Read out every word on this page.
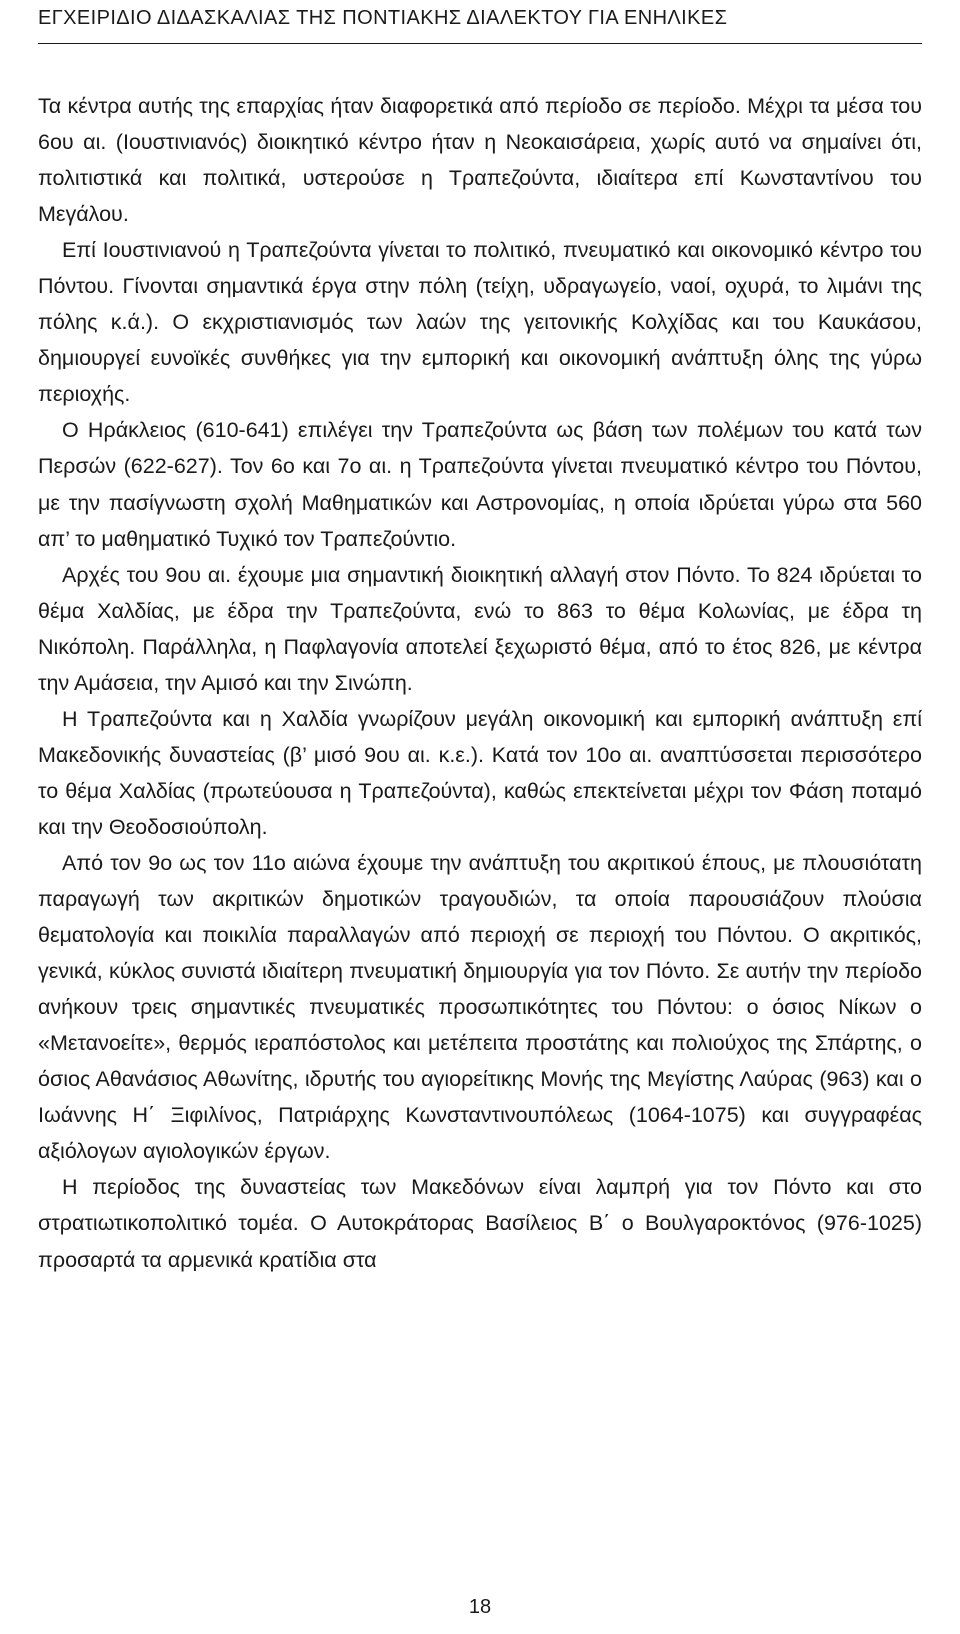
ΕΓΧΕΙΡΙΔΙΟ ΔΙΔΑΣΚΑΛΙΑΣ ΤΗΣ ΠΟΝΤΙΑΚΗΣ ΔΙΑΛΕΚΤΟΥ ΓΙΑ ΕΝΗΛΙΚΕΣ

Τα κέντρα αυτής της επαρχίας ήταν διαφορετικά από περίοδο σε περίοδο. Μέχρι τα μέσα του 6ου αι. (Ιουστινιανός) διοικητικό κέντρο ήταν η Νεοκαισάρεια, χωρίς αυτό να σημαίνει ότι, πολιτιστικά και πολιτικά, υστερούσε η Τραπεζούντα, ιδιαίτερα επί Κωνσταντίνου του Μεγάλου.

Επί Ιουστινιανού η Τραπεζούντα γίνεται το πολιτικό, πνευματικό και οικονομικό κέντρο του Πόντου. Γίνονται σημαντικά έργα στην πόλη (τείχη, υδραγωγείο, ναοί, οχυρά, το λιμάνι της πόλης κ.ά.). Ο εκχριστιανισμός των λαών της γειτονικής Κολχίδας και του Καυκάσου, δημιουργεί ευνοϊκές συνθήκες για την εμπορική και οικονομική ανάπτυξη όλης της γύρω περιοχής.

Ο Ηράκλειος (610-641) επιλέγει την Τραπεζούντα ως βάση των πολέμων του κατά των Περσών (622-627). Τον 6ο και 7ο αι. η Τραπεζούντα γίνεται πνευματικό κέντρο του Πόντου, με την πασίγνωστη σχολή Μαθηματικών και Αστρονομίας, η οποία ιδρύεται γύρω στα 560 απ’ το μαθηματικό Τυχικό τον Τραπεζούντιο.

Αρχές του 9ου αι. έχουμε μια σημαντική διοικητική αλλαγή στον Πόντο. Το 824 ιδρύεται το θέμα Χαλδίας, με έδρα την Τραπεζούντα, ενώ το 863 το θέμα Κολωνίας, με έδρα τη Νικόπολη. Παράλληλα, η Παφλαγονία αποτελεί ξεχωριστό θέμα, από το έτος 826, με κέντρα την Αμάσεια, την Αμισό και την Σινώπη.

Η Τραπεζούντα και η Χαλδία γνωρίζουν μεγάλη οικονομική και εμπορική ανάπτυξη επί Μακεδονικής δυναστείας (β’ μισό 9ου αι. κ.ε.). Κατά τον 10ο αι. αναπτύσσεται περισσότερο το θέμα Χαλδίας (πρωτεύουσα η Τραπεζούντα), καθώς επεκτείνεται μέχρι τον Φάση ποταμό και την Θεοδοσιούπολη.

Από τον 9ο ως τον 11ο αιώνα έχουμε την ανάπτυξη του ακριτικού έπους, με πλουσιότατη παραγωγή των ακριτικών δημοτικών τραγουδιών, τα οποία παρουσιάζουν πλούσια θεματολογία και ποικιλία παραλλαγών από περιοχή σε περιοχή του Πόντου. Ο ακριτικός, γενικά, κύκλος συνιστά ιδιαίτερη πνευματική δημιουργία για τον Πόντο. Σε αυτήν την περίοδο ανήκουν τρεις σημαντικές πνευματικές προσωπικότητες του Πόντου: ο όσιος Νίκων ο «Μετανοείτε», θερμός ιεραπόστολος και μετέπειτα προστάτης και πολιούχος της Σπάρτης, ο όσιος Αθανάσιος Αθωνίτης, ιδρυτής του αγιορείτικης Μονής της Μεγίστης Λαύρας (963) και ο Ιωάννης Η΄ Ξιφιλίνος, Πατριάρχης Κωνσταντινουπόλεως (1064-1075) και συγγραφέας αξιόλογων αγιολογικών έργων.

Η περίοδος της δυναστείας των Μακεδόνων είναι λαμπρή για τον Πόντο και στο στρατιωτικοπολιτικό τομέα. Ο Αυτοκράτορας Βασίλειος Β΄ ο Βουλγαροκτόνος (976-1025) προσαρτά τα αρμενικά κρατίδια στα

18
